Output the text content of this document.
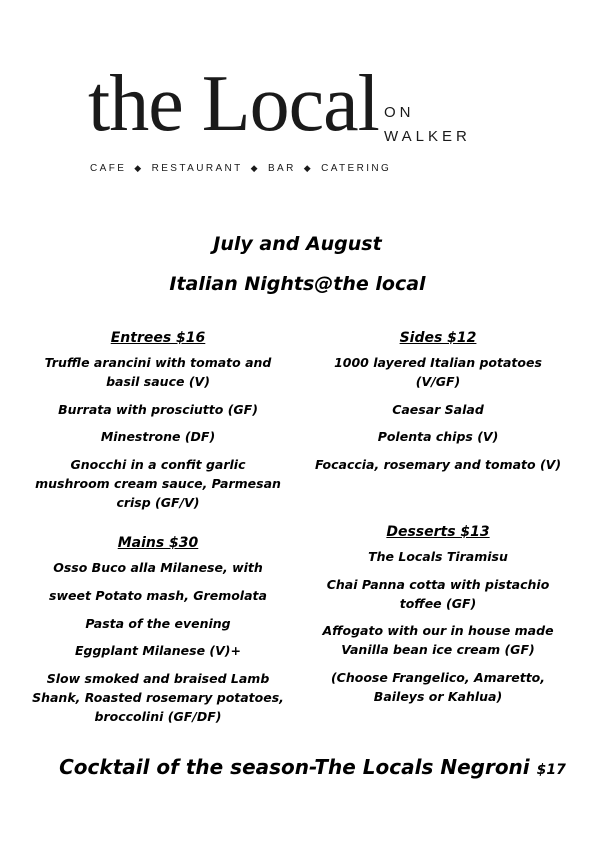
the Local ON
WALKER
CAFE ◆ RESTAURANT ◆ BAR ◆ CATERING
July and August
Italian Nights@the local
Entrees $16
Truffle arancini with tomato and basil sauce (V)
Burrata with prosciutto (GF)
Minestrone (DF)
Gnocchi in a confit garlic mushroom cream sauce, Parmesan crisp (GF/V)
Sides $12
1000 layered Italian potatoes (V/GF)
Caesar Salad
Polenta chips (V)
Focaccia, rosemary and tomato (V)
Mains $30
Osso Buco alla Milanese, with
sweet Potato mash, Gremolata
Pasta of the evening
Eggplant Milanese (V)+
Slow smoked and braised Lamb Shank, Roasted rosemary potatoes, broccolini (GF/DF)
Desserts $13
The Locals Tiramisu
Chai Panna cotta with pistachio toffee (GF)
Affogato with our in house made Vanilla bean ice cream (GF)
(Choose Frangelico, Amaretto, Baileys or Kahlua)
Cocktail of the season-The Locals Negroni $17
